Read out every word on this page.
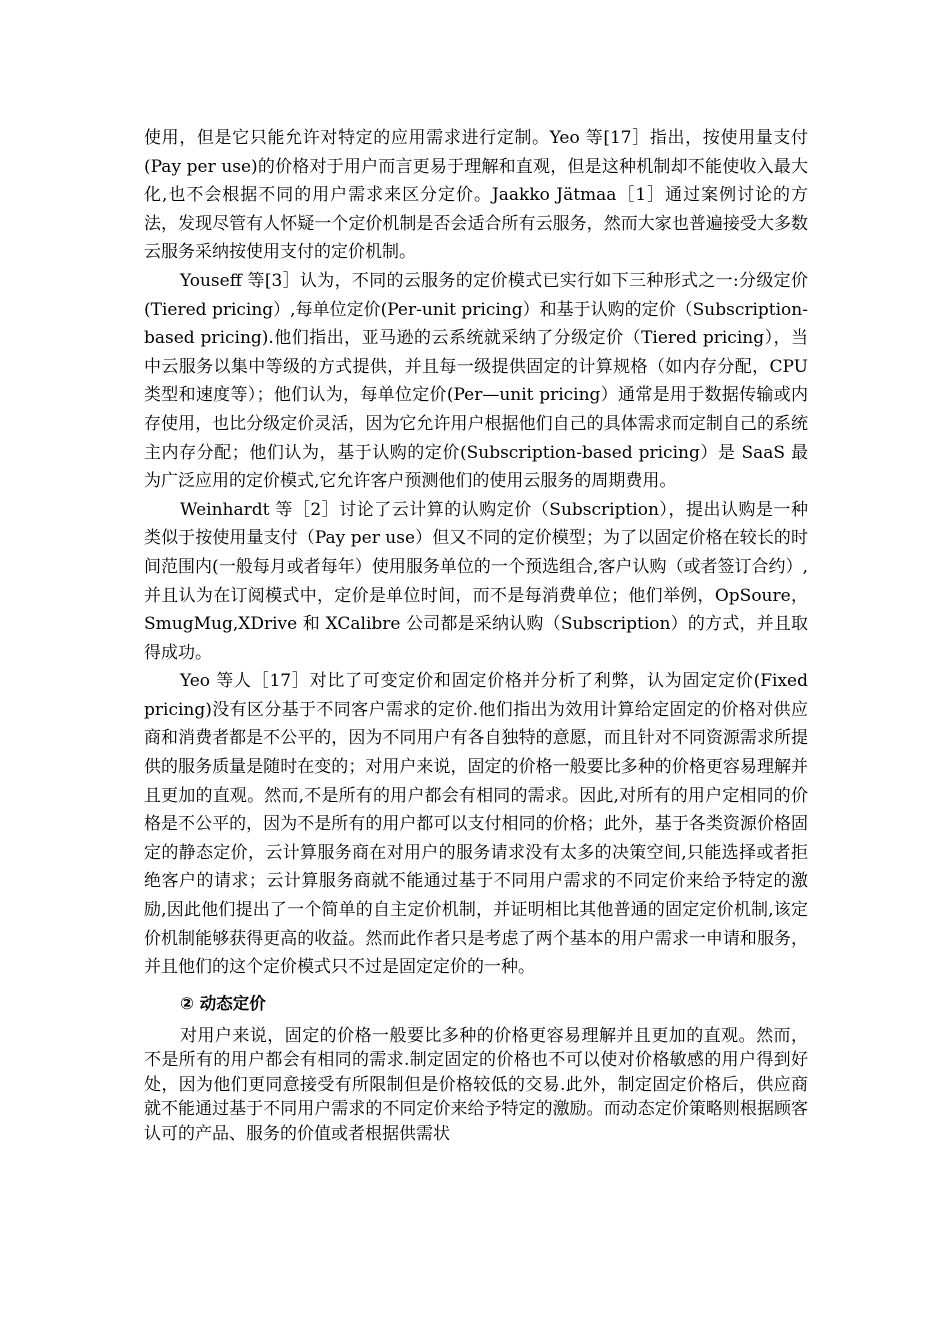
使用，但是它只能允许对特定的应用需求进行定制。Yeo 等[17］指出，按使用量支付(Pay per use)的价格对于用户而言更易于理解和直观，但是这种机制却不能使收入最大化,也不会根据不同的用户需求来区分定价。Jaakko Jätmaa［1］通过案例讨论的方法，发现尽管有人怀疑一个定价机制是否会适合所有云服务，然而大家也普遍接受大多数云服务采纳按使用支付的定价机制。

Youseff 等[3］认为，不同的云服务的定价模式已实行如下三种形式之一:分级定价(Tiered pricing）,每单位定价(Per-unit pricing）和基于认购的定价（Subscription-based pricing).他们指出，亚马逊的云系统就采纳了分级定价（Tiered pricing），当中云服务以集中等级的方式提供，并且每一级提供固定的计算规格（如内存分配，CPU 类型和速度等）；他们认为，每单位定价(Per—unit pricing）通常是用于数据传输或内存使用，也比分级定价灵活，因为它允许用户根据他们自己的具体需求而定制自己的系统主内存分配；他们认为，基于认购的定价(Subscription-based pricing）是 SaaS 最为广泛应用的定价模式,它允许客户预测他们的使用云服务的周期费用。

Weinhardt 等［2］讨论了云计算的认购定价（Subscription），提出认购是一种类似于按使用量支付（Pay per use）但又不同的定价模型；为了以固定价格在较长的时间范围内(一般每月或者每年）使用服务单位的一个预选组合,客户认购（或者签订合约）,并且认为在订阅模式中，定价是单位时间，而不是每消费单位；他们举例，OpSoure，SmugMug,XDrive 和 XCalibre 公司都是采纳认购（Subscription）的方式，并且取得成功。

Yeo 等人［17］对比了可变定价和固定价格并分析了利弊，认为固定定价(Fixed pricing)没有区分基于不同客户需求的定价.他们指出为效用计算给定固定的价格对供应商和消费者都是不公平的，因为不同用户有各自独特的意愿，而且针对不同资源需求所提供的服务质量是随时在变的；对用户来说，固定的价格一般要比多种的价格更容易理解并且更加的直观。然而,不是所有的用户都会有相同的需求。因此,对所有的用户定相同的价格是不公平的，因为不是所有的用户都可以支付相同的价格；此外，基于各类资源价格固定的静态定价，云计算服务商在对用户的服务请求没有太多的决策空间,只能选择或者拒绝客户的请求；云计算服务商就不能通过基于不同用户需求的不同定价来给予特定的激励,因此他们提出了一个简单的自主定价机制，并证明相比其他普通的固定定价机制,该定价机制能够获得更高的收益。然而此作者只是考虑了两个基本的用户需求一申请和服务，并且他们的这个定价模式只不过是固定定价的一种。

② 动态定价

对用户来说，固定的价格一般要比多种的价格更容易理解并且更加的直观。然而，不是所有的用户都会有相同的需求.制定固定的价格也不可以使对价格敏感的用户得到好处，因为他们更同意接受有所限制但是价格较低的交易.此外，制定固定价格后，供应商就不能通过基于不同用户需求的不同定价来给予特定的激励。而动态定价策略则根据顾客认可的产品、服务的价值或者根据供需状
